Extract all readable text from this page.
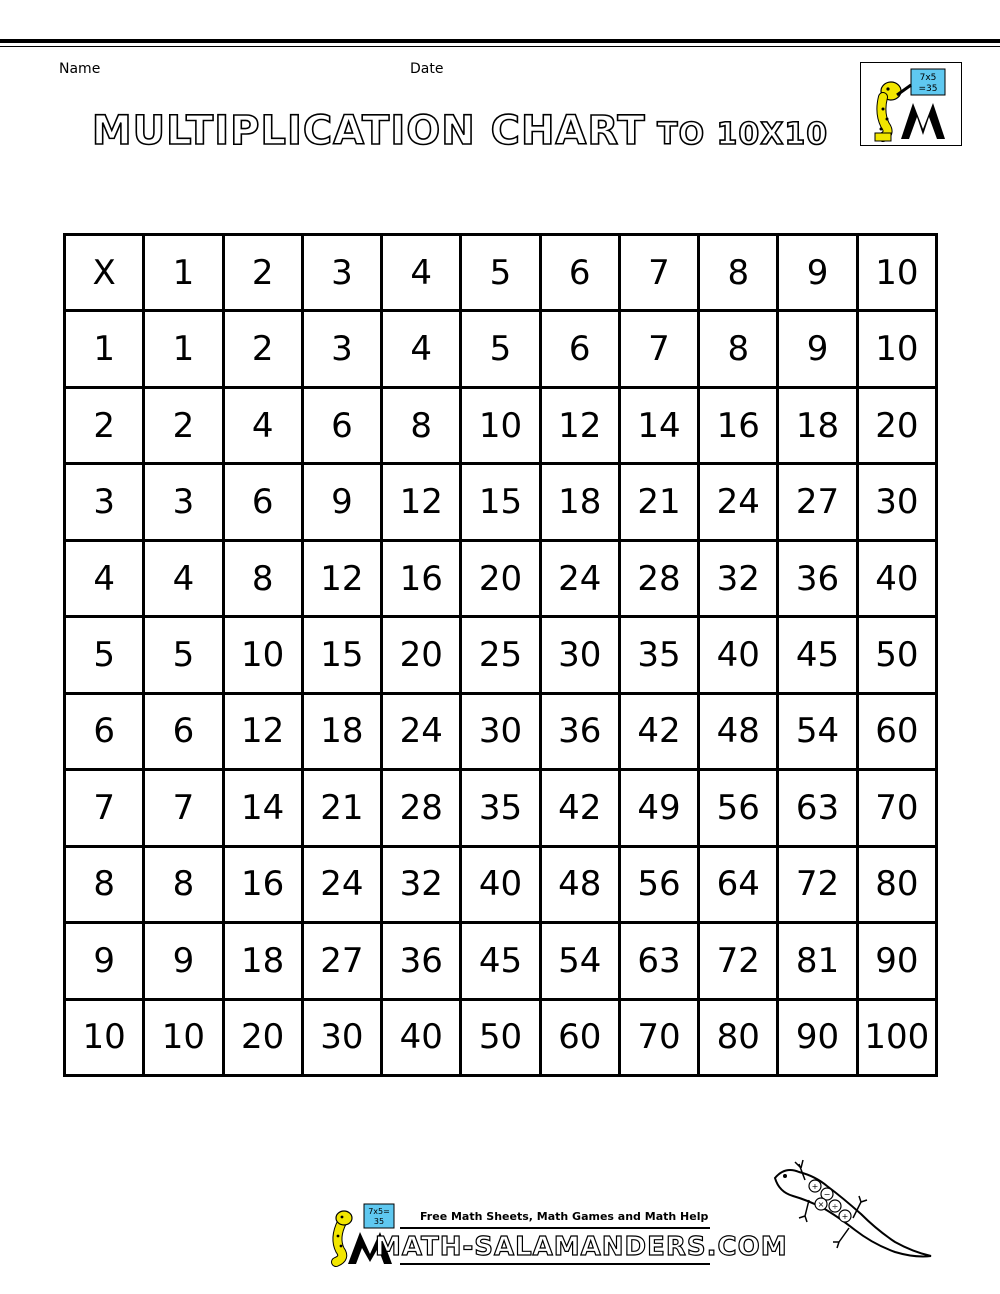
Name	Date
7x5
=35
MULTIPLICATION CHART TO 10X10
X	1	2	3	4	5	6	7	8	9	10
1	1	2	3	4	5	6	7	8	9	10
2	2	4	6	8	10	12	14	16	18	20
3	3	6	9	12	15	18	21	24	27	30
4	4	8	12	16	20	24	28	32	36	40
5	5	10	15	20	25	30	35	40	45	50
6	6	12	18	24	30	36	42	48	54	60
7	7	14	21	28	35	42	49	56	63	70
8	8	16	24	32	40	48	56	64	72	80
9	9	18	27	36	45	54	63	72	81	90
10	10	20	30	40	50	60	70	80	90	100
7x5=
35	Free Math Sheets, Math Games and Math Help
MATH-SALAMANDERS.COM
+
−
× ÷
+
